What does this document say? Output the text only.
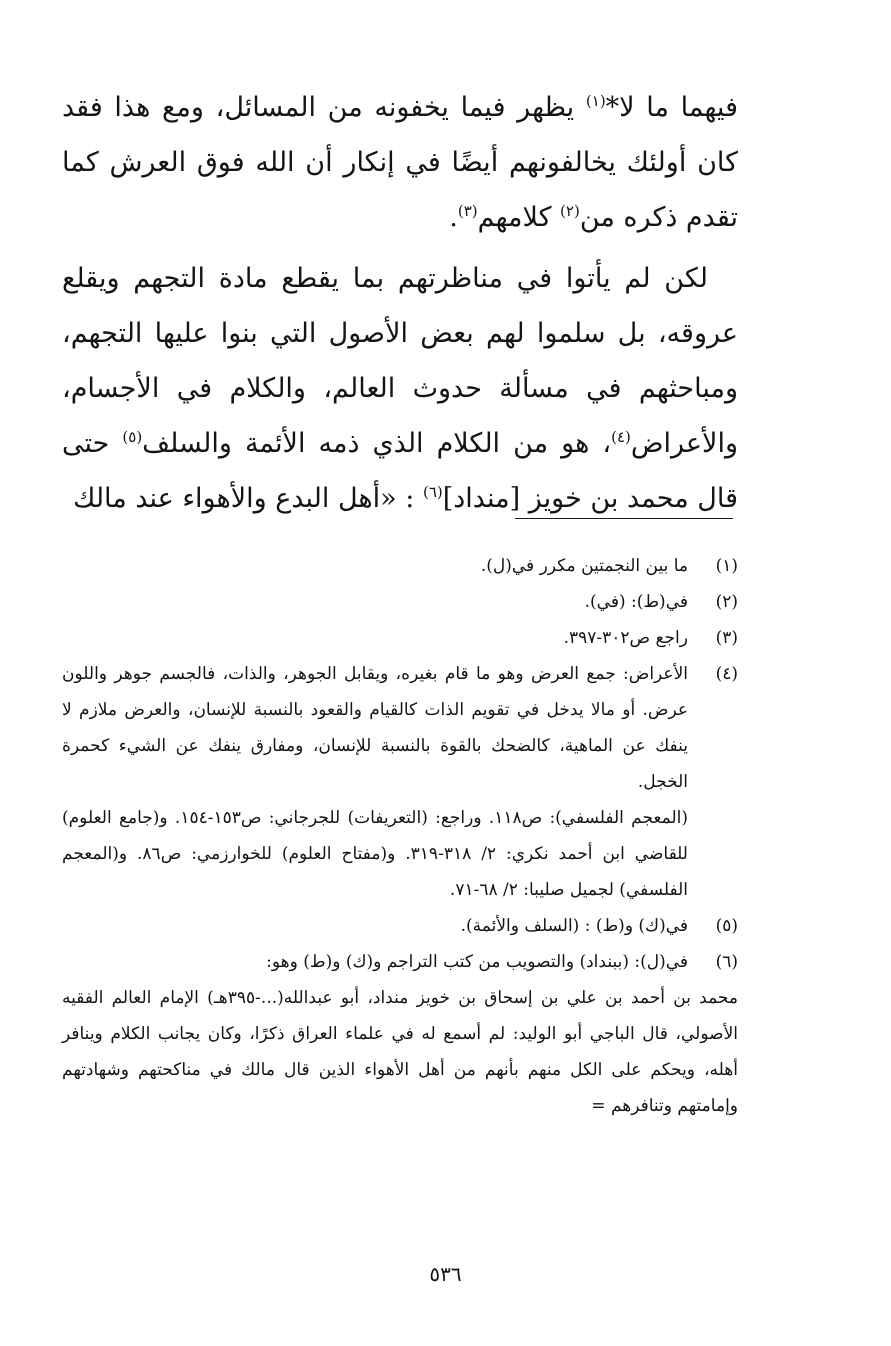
فيهما ما لا*$^{(١)}$ يظهر فيما يخفونه من المسائل، ومع هذا فقد كان أولئك يخالفونهم أيضًا في إنكار أن الله فوق العرش كما تقدم ذكره من$^{(٢)}$ كلامهم$^{(٣)}$.

لكن لم يأتوا في مناظرتهم بما يقطع مادة التجهم ويقلع عروقه، بل سلموا لهم بعض الأصول التي بنوا عليها التجهم، ومباحثهم في مسألة حدوث العالم، والكلام في الأجسام، والأعراض$^{(٤)}$، هو من الكلام الذي ذمه الأئمة والسلف$^{(٥)}$ حتى قال محمد بن خويز [منداد]$^{(٦)}$ : «أهل البدع والأهواء عند مالك

(١)

ما بين النجمتين مكرر في(ل).

(٢)

في(ط): (في).

(٣)

راجع ص٣٠٢-٣٩٧.

(٤)

الأعراض: جمع العرض وهو ما قام بغيره، ويقابل الجوهر، والذات، فالجسم جوهر واللون عرض. أو مالا يدخل في تقويم الذات كالقيام والقعود بالنسبة للإنسان، والعرض ملازم لا ينفك عن الماهية، كالضحك بالقوة بالنسبة للإنسان، ومفارق ينفك عن الشيء كحمرة الخجل.

(المعجم الفلسفي): ص١١٨. وراجع: (التعريفات) للجرجاني: ص١٥٣-١٥٤. و(جامع العلوم) للقاضي ابن أحمد نكري: ٢/ ٣١٨-٣١٩. و(مفتاح العلوم) للخوارزمي: ص٨٦. و(المعجم الفلسفي) لجميل صليبا: ٢/ ٦٨-٧١.

(٥)

في(ك) و(ط) : (السلف والأئمة).

(٦)

في(ل): (ببنداد) والتصويب من كتب التراجم و(ك) و(ط) وهو:

محمد بن أحمد بن علي بن إسحاق بن خويز منداد، أبو عبدالله(...-٣٩٥هـ) الإمام العالم الفقيه الأصولي، قال الباجي أبو الوليد: لم أسمع له في علماء العراق ذكرًا، وكان يجانب الكلام وينافر أهله، ويحكم على الكل منهم بأنهم من أهل الأهواء الذين قال مالك في مناكحتهم وشهادتهم وإمامتهم وتنافرهم =

٥٣٦
